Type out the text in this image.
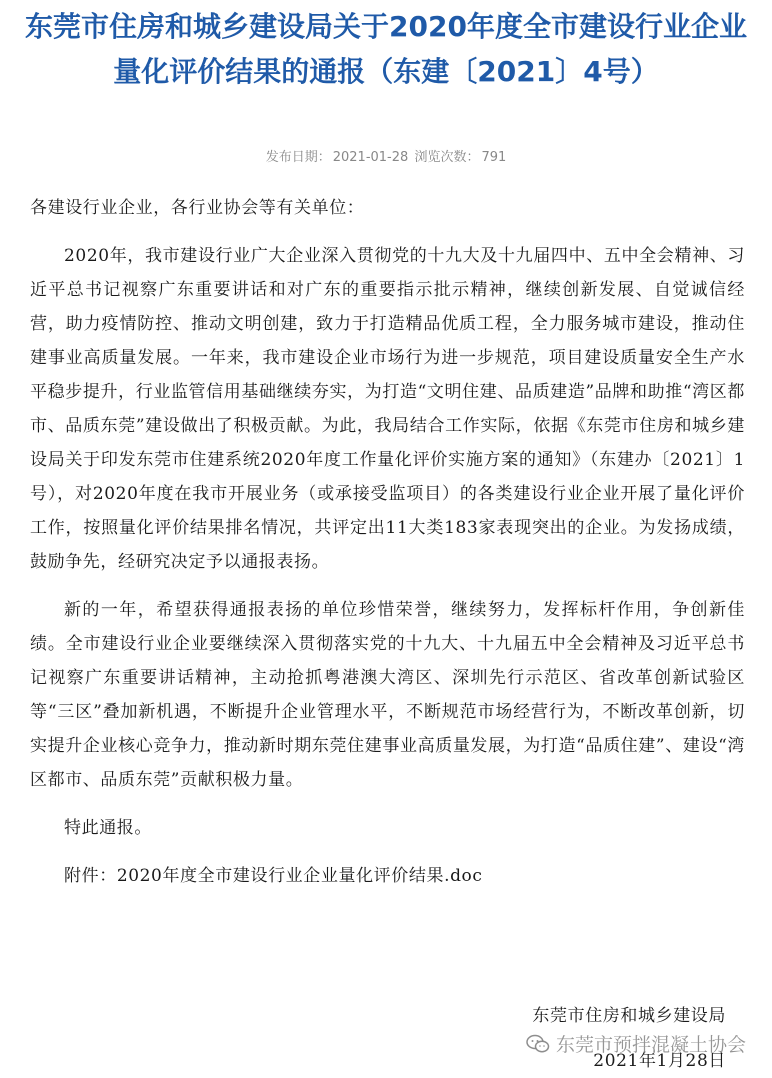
东莞市住房和城乡建设局关于2020年度全市建设行业企业量化评价结果的通报（东建〔2021〕4号）
发布日期： 2021-01-28 浏览次数： 791

各建设行业企业，各行业协会等有关单位：

2020年，我市建设行业广大企业深入贯彻党的十九大及十九届四中、五中全会精神、习近平总书记视察广东重要讲话和对广东的重要指示批示精神，继续创新发展、自觉诚信经营，助力疫情防控、推动文明创建，致力于打造精品优质工程，全力服务城市建设，推动住建事业高质量发展。一年来，我市建设企业市场行为进一步规范，项目建设质量安全生产水平稳步提升，行业监管信用基础继续夯实，为打造“文明住建、品质建造”品牌和助推“湾区都市、品质东莞”建设做出了积极贡献。为此，我局结合工作实际，依据《东莞市住房和城乡建设局关于印发东莞市住建系统2020年度工作量化评价实施方案的通知》（东建办〔2021〕1号），对2020年度在我市开展业务（或承接受监项目）的各类建设行业企业开展了量化评价工作，按照量化评价结果排名情况，共评定出11大类183家表现突出的企业。为发扬成绩，鼓励争先，经研究决定予以通报表扬。

新的一年，希望获得通报表扬的单位珍惜荣誉，继续努力，发挥标杆作用，争创新佳绩。全市建设行业企业要继续深入贯彻落实党的十九大、十九届五中全会精神及习近平总书记视察广东重要讲话精神，主动抢抓粤港澳大湾区、深圳先行示范区、省改革创新试验区等“三区”叠加新机遇，不断提升企业管理水平，不断规范市场经营行为，不断改革创新，切实提升企业核心竞争力，推动新时期东莞住建事业高质量发展，为打造“品质住建”、建设“湾区都市、品质东莞”贡献积极力量。

特此通报。

附件：2020年度全市建设行业企业量化评价结果.doc

东莞市住房和城乡建设局
2021年1月28日
东莞市预拌混凝土协会
